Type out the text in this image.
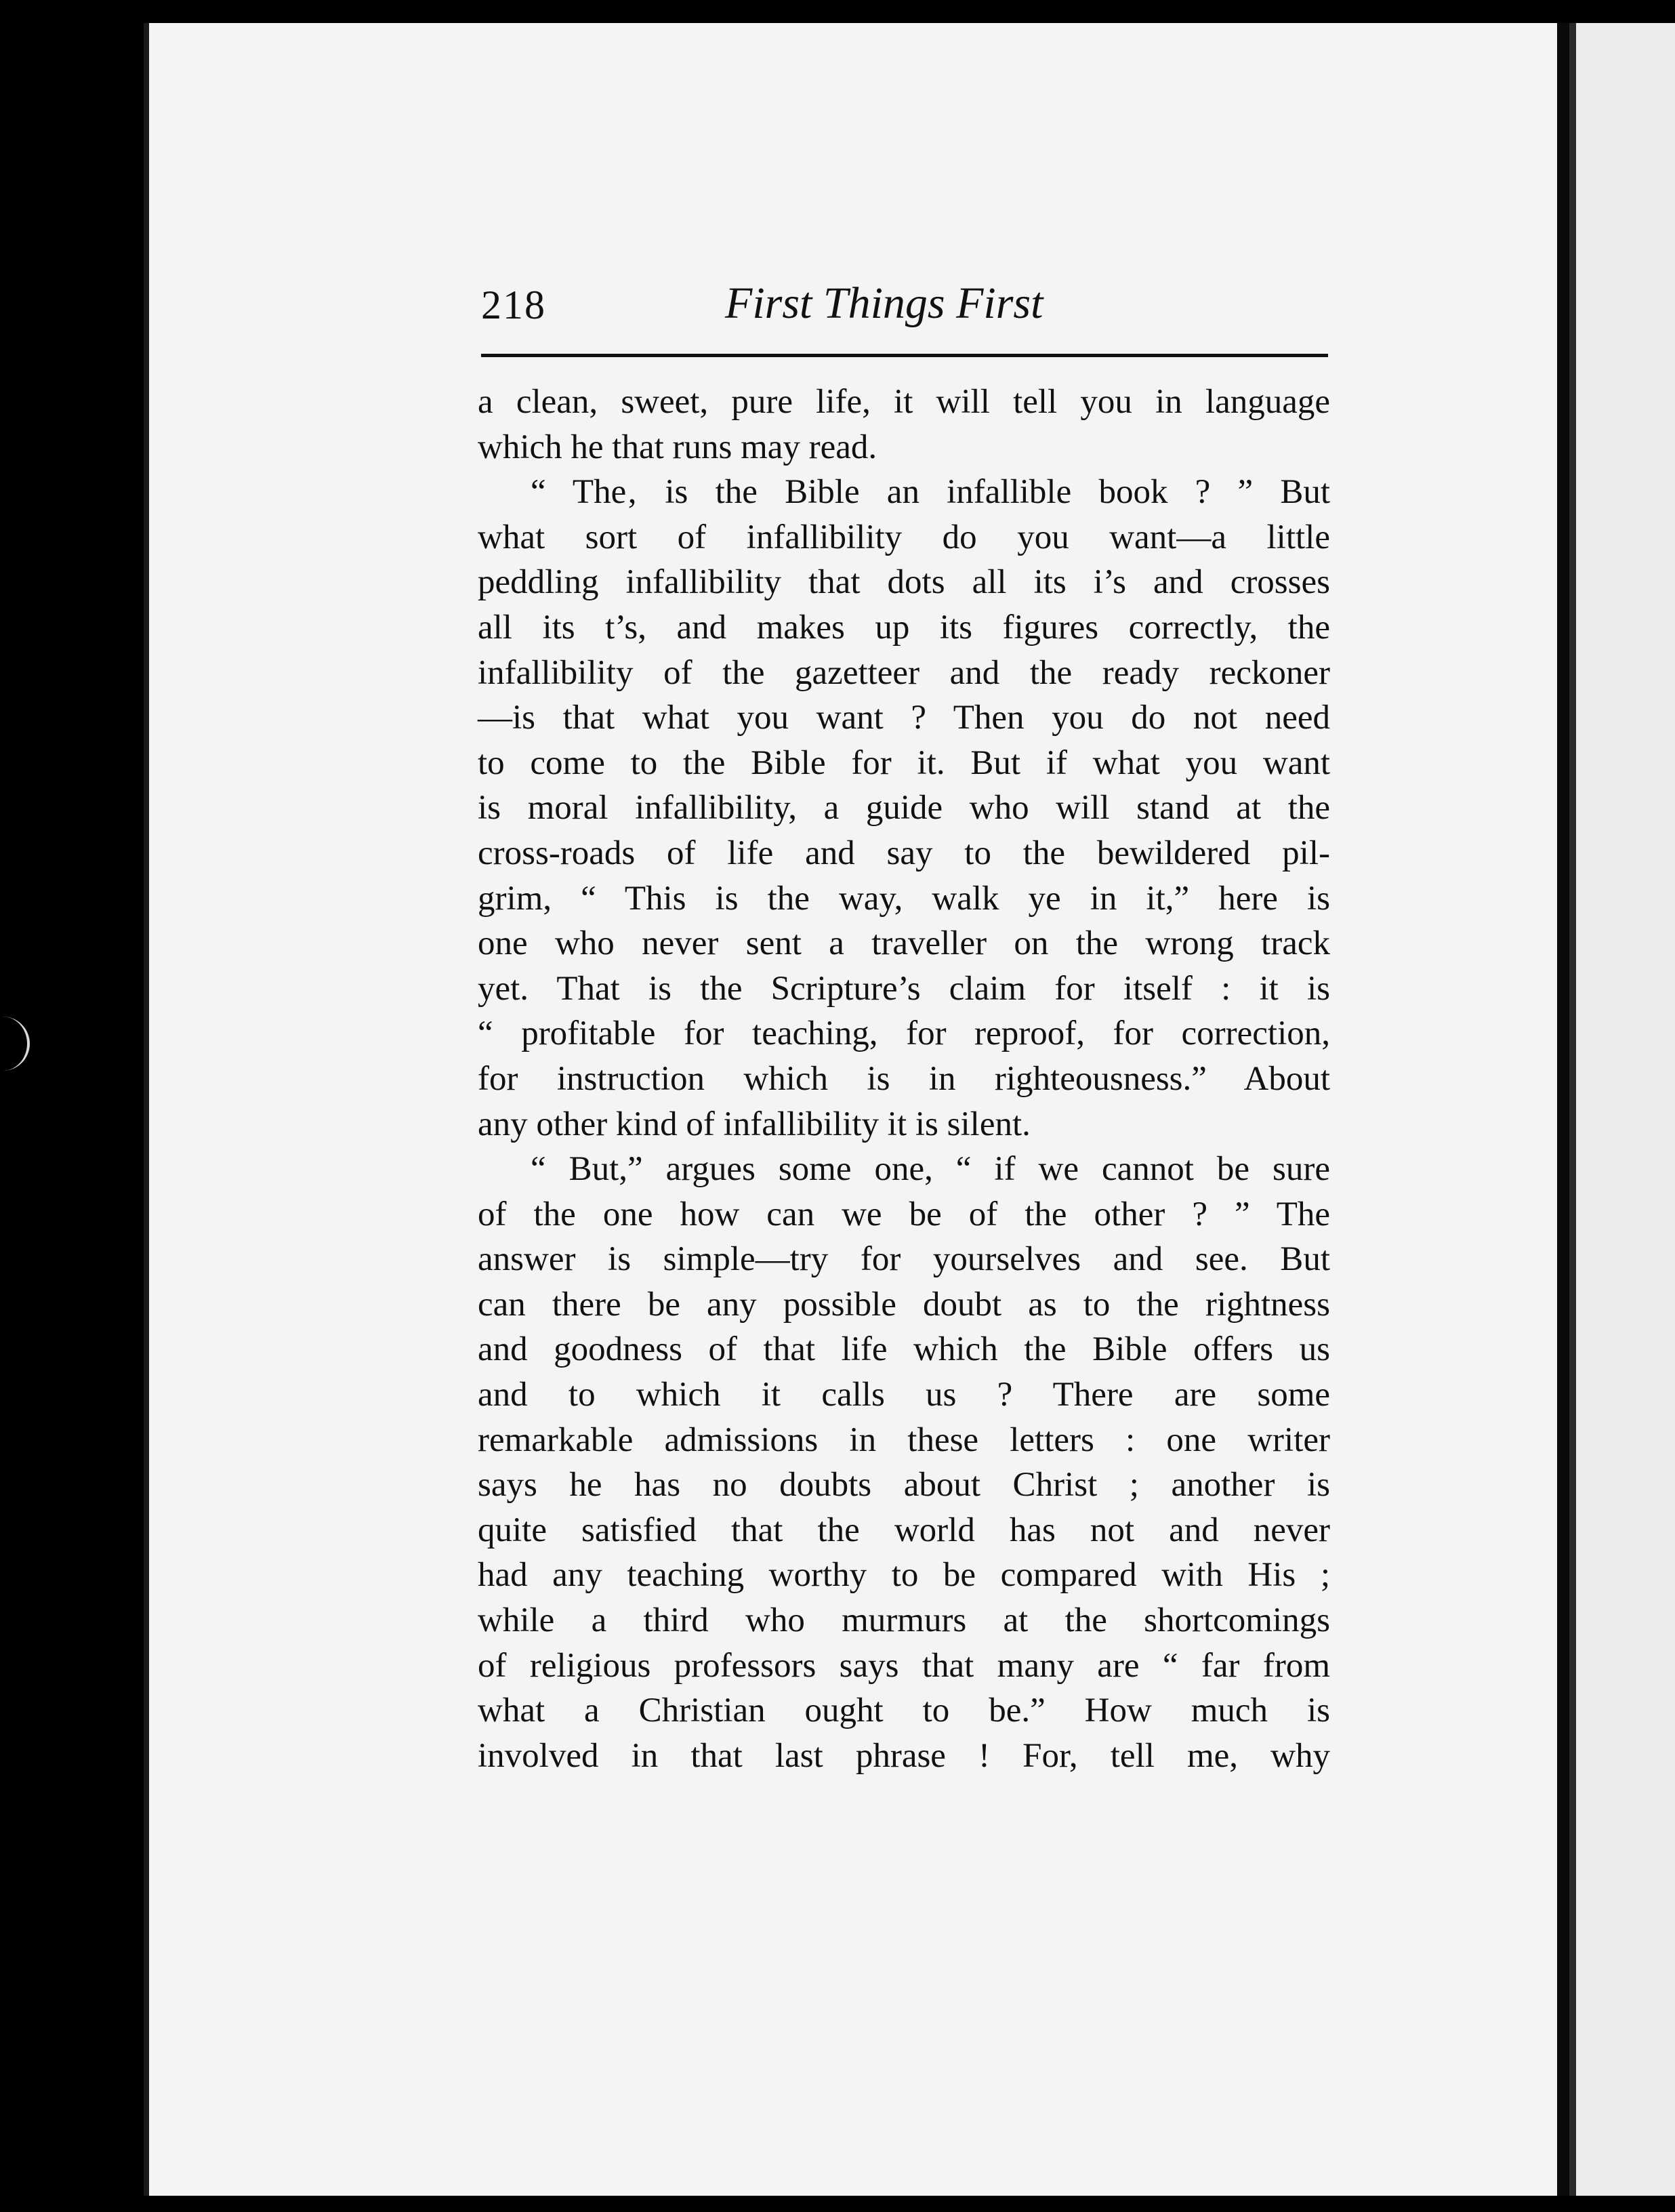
218	First Things First
a clean, sweet, pure life, it will tell you in language
which he that runs may read.
“ The‚ is the Bible an infallible book ? ” But
what sort of infallibility do you want—a little
peddling infallibility that dots all its i’s and crosses
all its t’s, and makes up its figures correctly, the
infallibility of the gazetteer and the ready reckoner
—is that what you want ? Then you do not need
to come to the Bible for it. But if what you want
is moral infallibility, a guide who will stand at the
cross-roads of life and say to the bewildered pil-
grim, “ This is the way, walk ye in it,” here is
one who never sent a traveller on the wrong track
yet. That is the Scripture’s claim for itself : it is
“ profitable for teaching, for reproof, for correction,
for instruction which is in righteousness.” About
any other kind of infallibility it is silent.
“ But,” argues some one, “ if we cannot be sure
of the one how can we be of the other ? ” The
answer is simple—try for yourselves and see. But
can there be any possible doubt as to the rightness
and goodness of that life which the Bible offers us
and to which it calls us ? There are some
remarkable admissions in these letters : one writer
says he has no doubts about Christ ; another is
quite satisfied that the world has not and never
had any teaching worthy to be compared with His ;
while a third who murmurs at the shortcomings
of religious professors says that many are “ far from
what a Christian ought to be.” How much is
involved in that last phrase ! For, tell me, why
